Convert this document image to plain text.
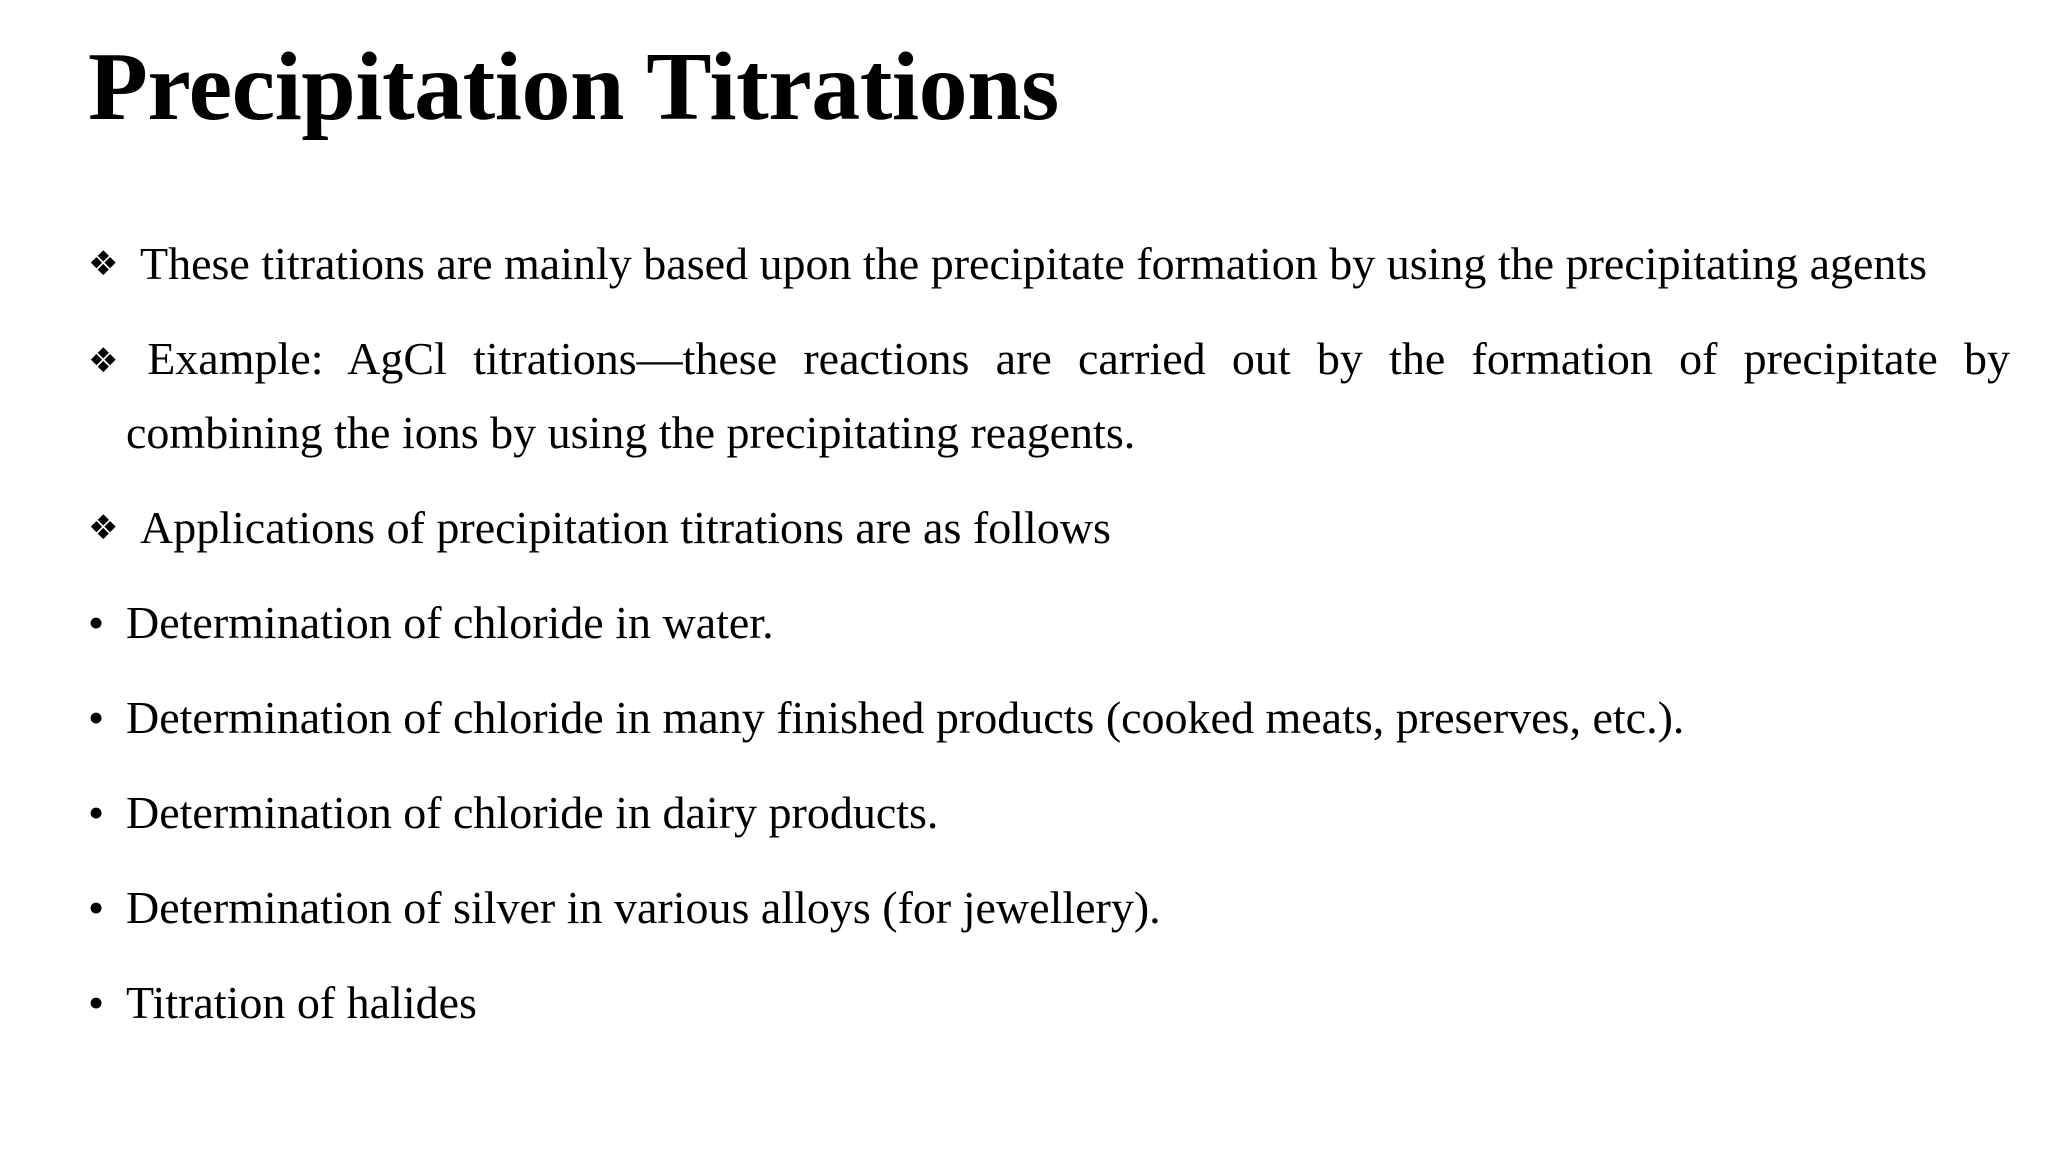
Precipitation Titrations

❖ These titrations are mainly based upon the precipitate formation by using the precipitating agents

❖ Example: AgCl titrations—these reactions are carried out by the formation of precipitate by combining the ions by using the precipitating reagents.

❖ Applications of precipitation titrations are as follows

• Determination of chloride in water.

• Determination of chloride in many finished products (cooked meats, preserves, etc.).

• Determination of chloride in dairy products.

• Determination of silver in various alloys (for jewellery).

• Titration of halides
